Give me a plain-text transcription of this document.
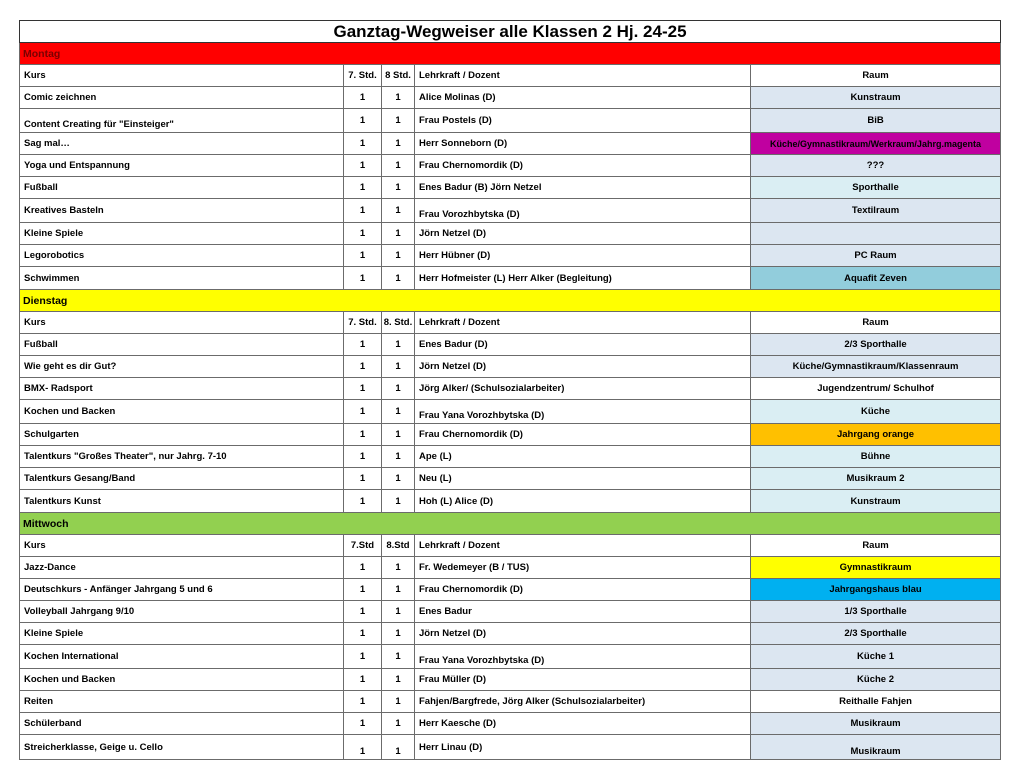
Ganztag-Wegweiser alle Klassen 2 Hj. 24-25				
Montag				
Kurs	7. Std.	8 Std.	Lehrkraft / Dozent	Raum
Comic zeichnen	1	1	Alice Molinas (D)	Kunstraum
Content Creating für "Einsteiger"	1	1	Frau Postels (D)	BiB
Sag mal…	1	1	Herr Sonneborn (D)	Küche/Gymnastikraum/Werkraum/Jahrg.magenta
Yoga und Entspannung	1	1	Frau Chernomordik (D)	???
Fußball	1	1	Enes Badur (B) Jörn Netzel	Sporthalle
Kreatives Basteln	1	1	Frau Vorozhbytska (D)	Textilraum
Kleine Spiele	1	1	Jörn Netzel (D)	
Legorobotics	1	1	Herr Hübner (D)	PC Raum
Schwimmen	1	1	Herr Hofmeister (L) Herr Alker (Begleitung)	Aquafit Zeven
Dienstag				
Kurs	7. Std.	8. Std.	Lehrkraft / Dozent	Raum
Fußball	1	1	Enes Badur (D)	2/3 Sporthalle
Wie geht es dir Gut?	1	1	Jörn Netzel (D)	Küche/Gymnastikraum/Klassenraum
BMX- Radsport	1	1	Jörg Alker/ (Schulsozialarbeiter)	Jugendzentrum/ Schulhof
Kochen und Backen	1	1	Frau Yana Vorozhbytska (D)	Küche
Schulgarten	1	1	Frau Chernomordik (D)	Jahrgang orange
Talentkurs "Großes Theater", nur Jahrg. 7-10	1	1	Ape (L)	Bühne
Talentkurs Gesang/Band	1	1	Neu (L)	Musikraum 2
Talentkurs Kunst	1	1	Hoh (L) Alice (D)	Kunstraum
Mittwoch				
Kurs	7.Std	8.Std	Lehrkraft / Dozent	Raum
Jazz-Dance	1	1	Fr. Wedemeyer (B / TUS)	Gymnastikraum
Deutschkurs - Anfänger Jahrgang 5 und 6	1	1	Frau Chernomordik (D)	Jahrgangshaus blau
Volleyball Jahrgang 9/10	1	1	Enes Badur	1/3 Sporthalle
Kleine Spiele	1	1	Jörn Netzel (D)	2/3 Sporthalle
Kochen International	1	1	Frau Yana Vorozhbytska (D)	Küche 1
Kochen und Backen	1	1	Frau Müller (D)	Küche 2
Reiten	1	1	Fahjen/Bargfrede, Jörg Alker (Schulsozialarbeiter)	Reithalle Fahjen
Schülerband	1	1	Herr Kaesche (D)	Musikraum
Streicherklasse, Geige u. Cello	1	1	Herr Linau (D)	Musikraum
